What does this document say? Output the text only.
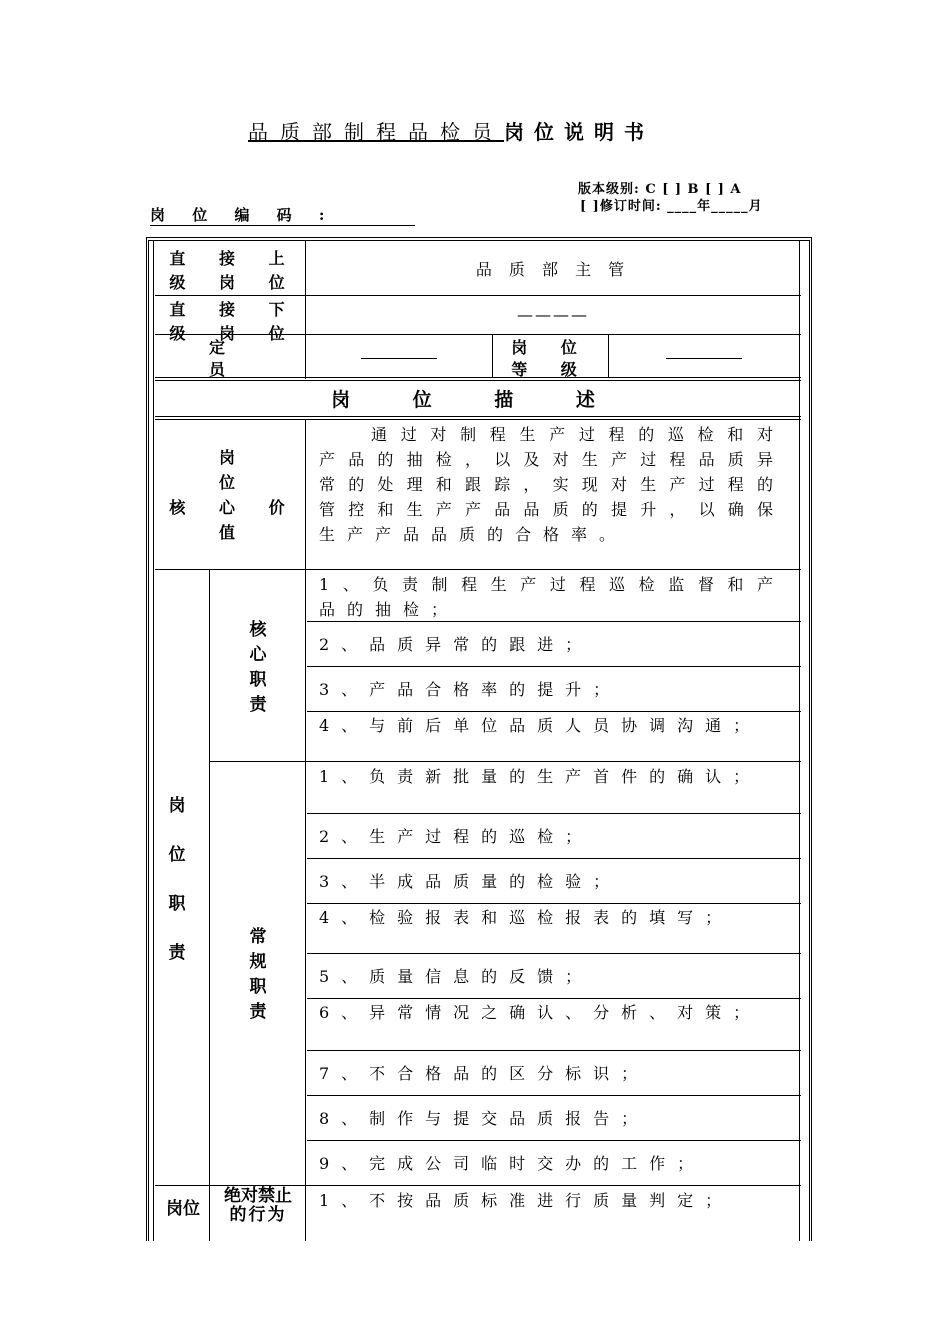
品质部制程品检员岗位说明书
版本级别: C [ ] B [ ] A
[ ]修订时间: ____年_____月
岗 位 编 码 :
直 接 上
级 岗 位
品 质 部 主 管
直 接 下
级 岗 位
————
定
员
岗 位
等 级
岗 位 描 述
岗
位
核 心 价
值
通过对制程生产过程的巡检和对产品的抽检，以及对生产过程品质异常的处理和跟踪，实现对生产过程的管控和生产产品品质的提升，以确保生产产品品质的合格率。
岗
位
职
责
核
心
职
责
常
规
职
责
1、负责制程生产过程巡检监督和产品的抽检；
2、品质异常的跟进；
3、产品合格率的提升；
4、与前后单位品质人员协调沟通；
1、负责新批量的生产首件的确认；
2、生产过程的巡检；
3、半成品质量的检验；
4、检验报表和巡检报表的填写；
5、质量信息的反馈；
6、异常情况之确认、分析、对策；
7、不合格品的区分标识；
8、制作与提交品质报告；
9、完成公司临时交办的工作；
岗位
绝对禁止
的行为
1、不按品质标准进行质量判定；
